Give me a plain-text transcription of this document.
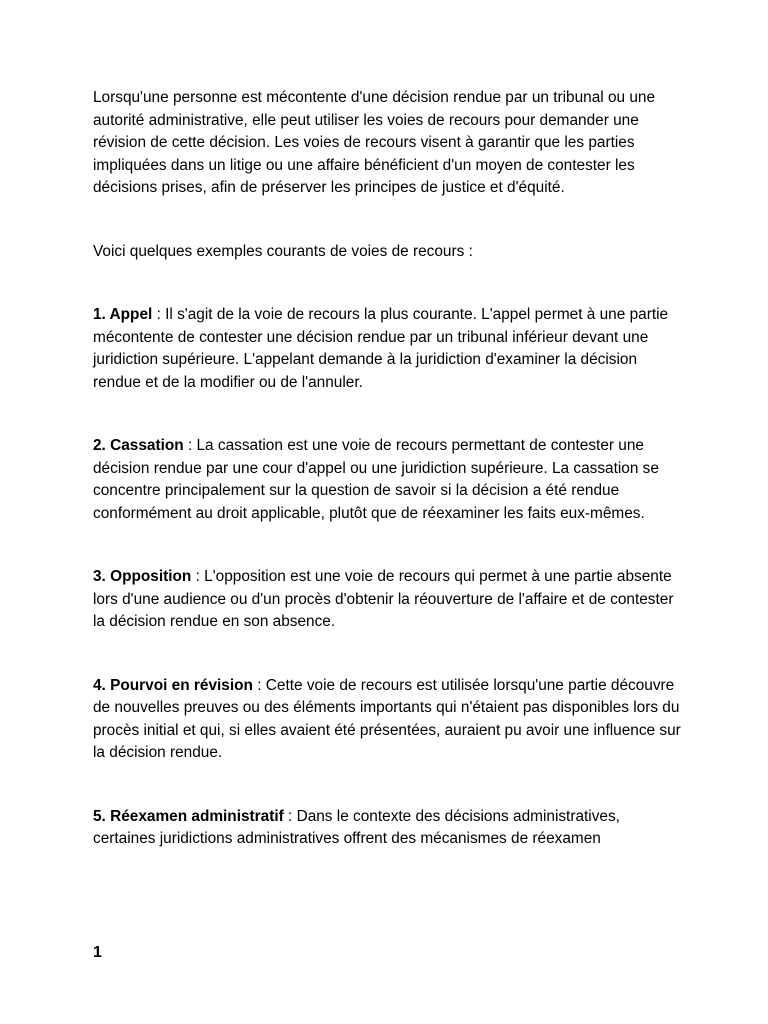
Lorsqu'une personne est mécontente d'une décision rendue par un tribunal ou une autorité administrative, elle peut utiliser les voies de recours pour demander une révision de cette décision. Les voies de recours visent à garantir que les parties impliquées dans un litige ou une affaire bénéficient d'un moyen de contester les décisions prises, afin de préserver les principes de justice et d'équité.

Voici quelques exemples courants de voies de recours :

1. Appel : Il s'agit de la voie de recours la plus courante. L'appel permet à une partie mécontente de contester une décision rendue par un tribunal inférieur devant une juridiction supérieure. L'appelant demande à la juridiction d'examiner la décision rendue et de la modifier ou de l'annuler.

2. Cassation : La cassation est une voie de recours permettant de contester une décision rendue par une cour d'appel ou une juridiction supérieure. La cassation se concentre principalement sur la question de savoir si la décision a été rendue conformément au droit applicable, plutôt que de réexaminer les faits eux-mêmes.

3. Opposition : L'opposition est une voie de recours qui permet à une partie absente lors d'une audience ou d'un procès d'obtenir la réouverture de l'affaire et de contester la décision rendue en son absence.

4. Pourvoi en révision : Cette voie de recours est utilisée lorsqu'une partie découvre de nouvelles preuves ou des éléments importants qui n'étaient pas disponibles lors du procès initial et qui, si elles avaient été présentées, auraient pu avoir une influence sur la décision rendue.

5. Réexamen administratif : Dans le contexte des décisions administratives, certaines juridictions administratives offrent des mécanismes de réexamen

1
